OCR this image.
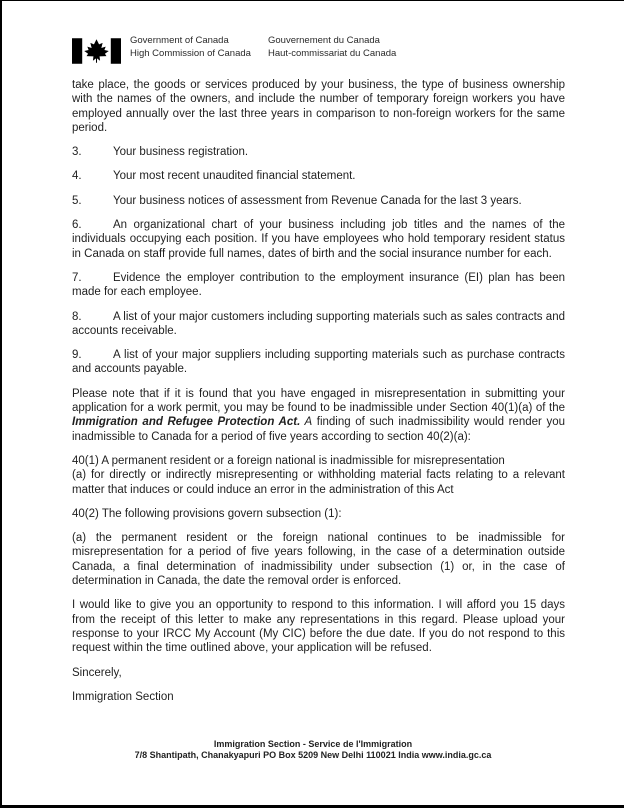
Government of Canada
High Commission of Canada
Gouvernement du Canada
Haut-commissariat du Canada

take place, the goods or services produced by your business, the type of business ownership with the names of the owners, and include the number of temporary foreign workers you have employed annually over the last three years in comparison to non-foreign workers for the same period.

3.	Your business registration.

4.	Your most recent unaudited financial statement.

5.	Your business notices of assessment from Revenue Canada for the last 3 years.

6.	An organizational chart of your business including job titles and the names of the individuals occupying each position. If you have employees who hold temporary resident status in Canada on staff provide full names, dates of birth and the social insurance number for each.

7.	Evidence the employer contribution to the employment insurance (EI) plan has been made for each employee.

8.	A list of your major customers including supporting materials such as sales contracts and accounts receivable.

9.	A list of your major suppliers including supporting materials such as purchase contracts and accounts payable.

Please note that if it is found that you have engaged in misrepresentation in submitting your application for a work permit, you may be found to be inadmissible under Section 40(1)(a) of the Immigration and Refugee Protection Act. A finding of such inadmissibility would render you inadmissible to Canada for a period of five years according to section 40(2)(a):

40(1) A permanent resident or a foreign national is inadmissible for misrepresentation
(a) for directly or indirectly misrepresenting or withholding material facts relating to a relevant matter that induces or could induce an error in the administration of this Act

40(2) The following provisions govern subsection (1):

(a) the permanent resident or the foreign national continues to be inadmissible for misrepresentation for a period of five years following, in the case of a determination outside Canada, a final determination of inadmissibility under subsection (1) or, in the case of determination in Canada, the date the removal order is enforced.

I would like to give you an opportunity to respond to this information. I will afford you 15 days from the receipt of this letter to make any representations in this regard. Please upload your response to your IRCC My Account (My CIC) before the due date. If you do not respond to this request within the time outlined above, your application will be refused.

Sincerely,

Immigration Section

Immigration Section - Service de l'Immigration
7/8 Shantipath, Chanakyapuri PO Box 5209 New Delhi 110021 India www.india.gc.ca
